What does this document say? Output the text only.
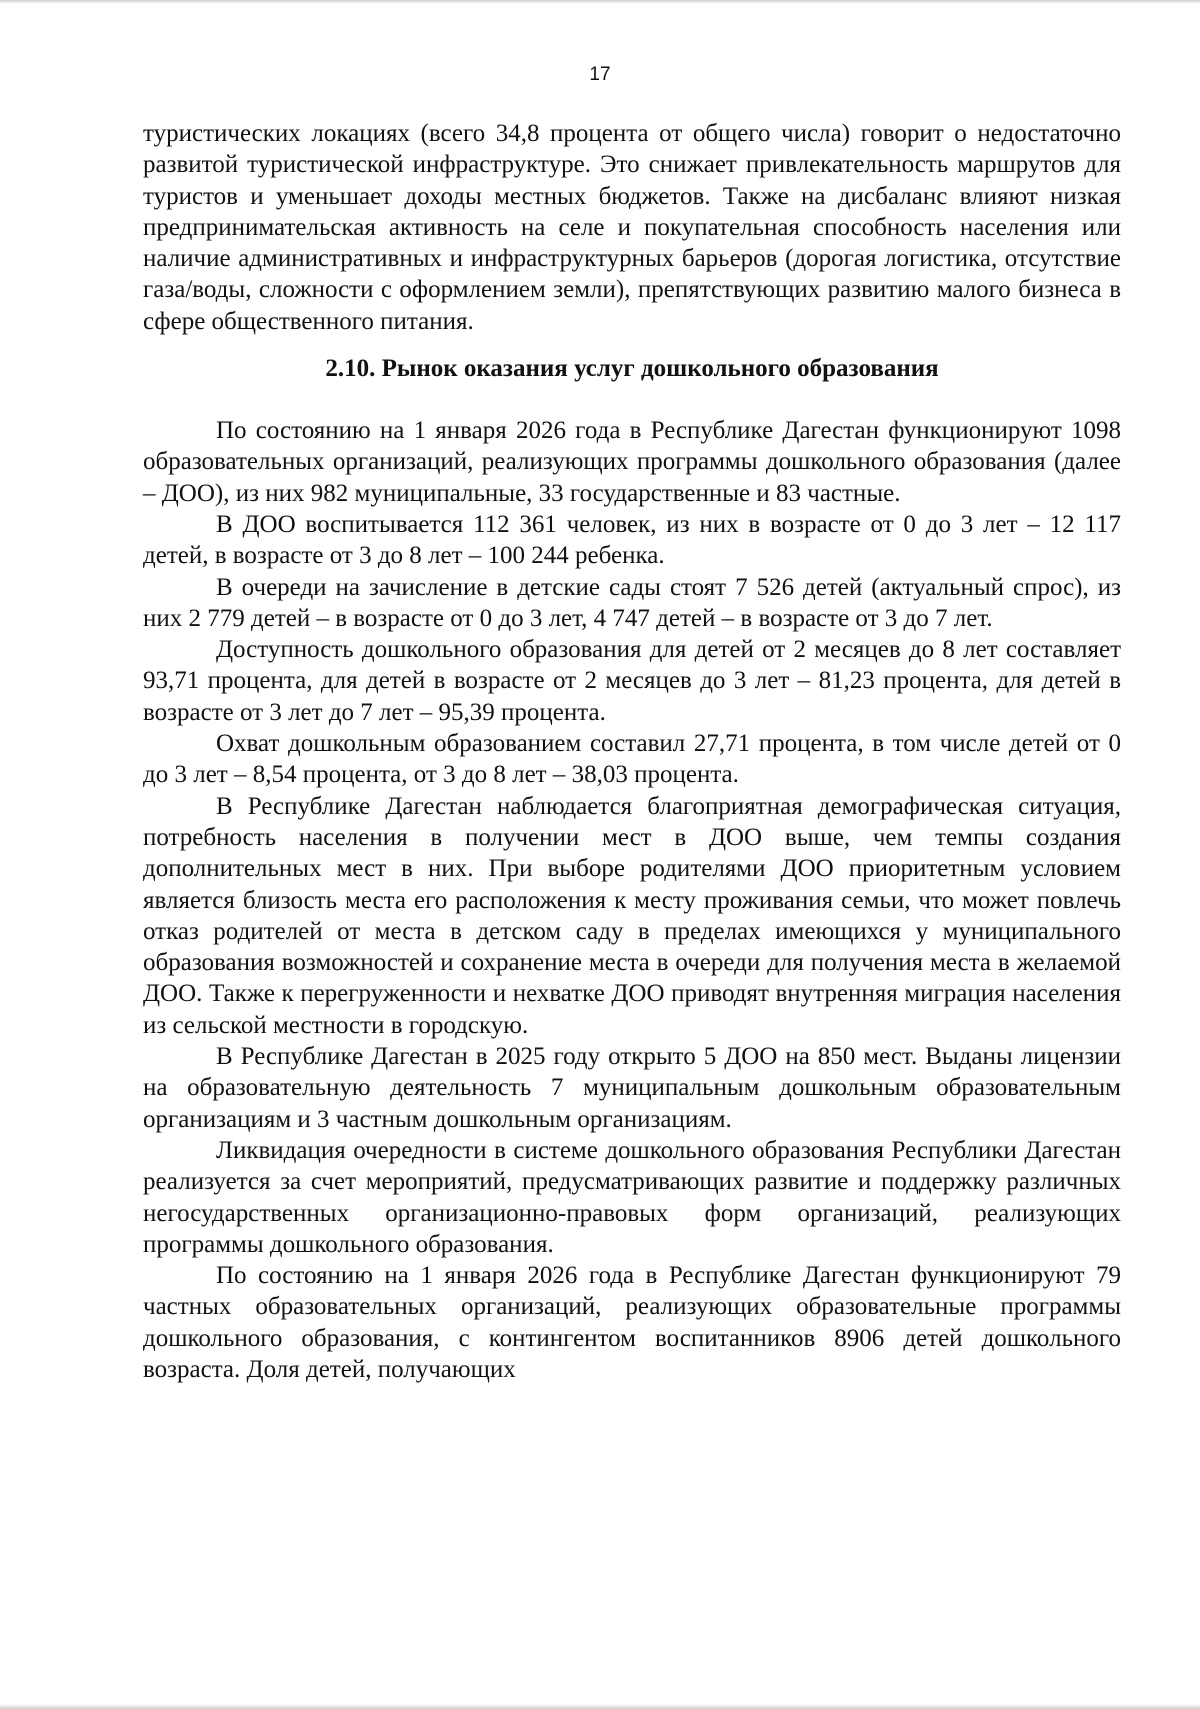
17

туристических локациях (всего 34,8 процента от общего числа) говорит о недостаточно развитой туристической инфраструктуре. Это снижает привлекательность маршрутов для туристов и уменьшает доходы местных бюджетов. Также на дисбаланс влияют низкая предпринимательская активность на селе и покупательная способность населения или наличие административных и инфраструктурных барьеров (дорогая логистика, отсутствие газа/воды, сложности с оформлением земли), препятствующих развитию малого бизнеса в сфере общественного питания.

2.10. Рынок оказания услуг дошкольного образования

По состоянию на 1 января 2026 года в Республике Дагестан функционируют 1098 образовательных организаций, реализующих программы дошкольного образования (далее – ДОО), из них 982 муниципальные, 33 государственные и 83 частные.

В ДОО воспитывается 112 361 человек, из них в возрасте от 0 до 3 лет – 12 117 детей, в возрасте от 3 до 8 лет – 100 244 ребенка.

В очереди на зачисление в детские сады стоят 7 526 детей (актуальный спрос), из них 2 779 детей – в возрасте от 0 до 3 лет, 4 747 детей – в возрасте от 3 до 7 лет.

Доступность дошкольного образования для детей от 2 месяцев до 8 лет составляет 93,71 процента, для детей в возрасте от 2 месяцев до 3 лет – 81,23 процента, для детей в возрасте от 3 лет до 7 лет – 95,39 процента.

Охват дошкольным образованием составил 27,71 процента, в том числе детей от 0 до 3 лет – 8,54 процента, от 3 до 8 лет – 38,03 процента.

В Республике Дагестан наблюдается благоприятная демографическая ситуация, потребность населения в получении мест в ДОО выше, чем темпы создания дополнительных мест в них. При выборе родителями ДОО приоритетным условием является близость места его расположения к месту проживания семьи, что может повлечь отказ родителей от места в детском саду в пределах имеющихся у муниципального образования возможностей и сохранение места в очереди для получения места в желаемой ДОО. Также к перегруженности и нехватке ДОО приводят внутренняя миграция населения из сельской местности в городскую.

В Республике Дагестан в 2025 году открыто 5 ДОО на 850 мест. Выданы лицензии на образовательную деятельность 7 муниципальным дошкольным образовательным организациям и 3 частным дошкольным организациям.

Ликвидация очередности в системе дошкольного образования Республики Дагестан реализуется за счет мероприятий, предусматривающих развитие и поддержку различных негосударственных организационно-правовых форм организаций, реализующих программы дошкольного образования.

По состоянию на 1 января 2026 года в Республике Дагестан функционируют 79 частных образовательных организаций, реализующих образовательные программы дошкольного образования, с контингентом воспитанников 8906 детей дошкольного возраста. Доля детей, получающих
